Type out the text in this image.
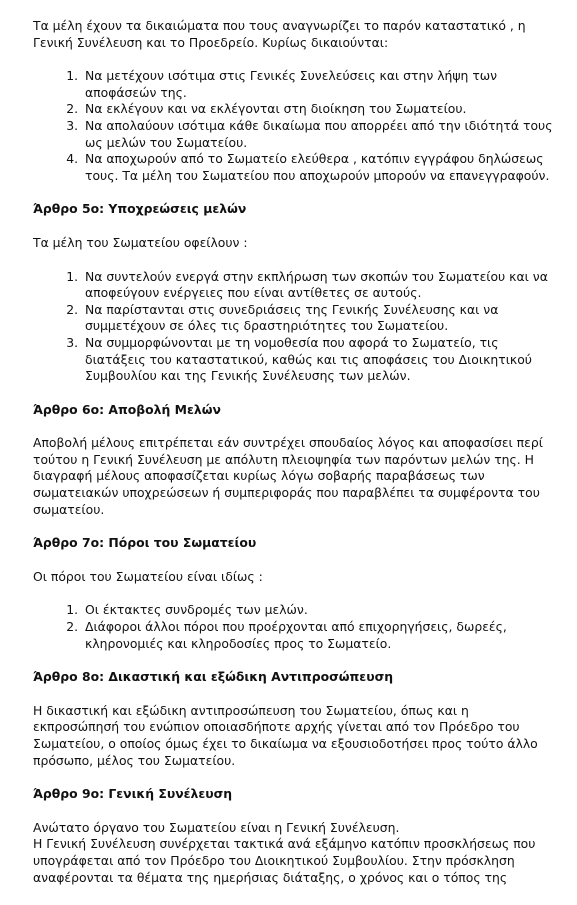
Τα μέλη έχουν τα δικαιώματα που τους αναγνωρίζει το παρόν καταστατικό , η Γενική Συνέλευση και το Προεδρείο. Κυρίως δικαιούνται:

1. Να μετέχουν ισότιμα στις Γενικές Συνελεύσεις και στην λήψη των αποφάσεών της.
2. Να εκλέγουν και να εκλέγονται στη διοίκηση του Σωματείου.
3. Να απολαύουν ισότιμα κάθε δικαίωμα που απορρέει από την ιδιότητά τους ως μελών του Σωματείου.
4. Να αποχωρούν από το Σωματείο ελεύθερα , κατόπιν εγγράφου δηλώσεως τους. Τα μέλη του Σωματείου που αποχωρούν μπορούν να επανεγγραφούν.
Άρθρο 5ο: Υποχρεώσεις μελών

Τα μέλη του Σωματείου οφείλουν :

1. Να συντελούν ενεργά στην εκπλήρωση των σκοπών του Σωματείου και να αποφεύγουν ενέργειες που είναι αντίθετες σε αυτούς.
2. Να παρίστανται στις συνεδριάσεις της Γενικής Συνέλευσης και να συμμετέχουν σε όλες τις δραστηριότητες του Σωματείου.
3. Να συμμορφώνονται με τη νομοθεσία που αφορά το Σωματείο, τις διατάξεις του καταστατικού, καθώς και τις αποφάσεις του Διοικητικού Συμβουλίου και της Γενικής Συνέλευσης των μελών.
Άρθρο 6ο: Αποβολή Μελών

Αποβολή μέλους επιτρέπεται εάν συντρέχει σπουδαίος λόγος και αποφασίσει περί τούτου η Γενική Συνέλευση με απόλυτη πλειοψηφία των παρόντων μελών της. Η διαγραφή μέλους αποφασίζεται κυρίως λόγω σοβαρής παραβάσεως των σωματειακών υποχρεώσεων ή συμπεριφοράς που παραβλέπει τα συμφέροντα του σωματείου.

Άρθρο 7ο: Πόροι του Σωματείου

Οι πόροι του Σωματείου είναι ιδίως :

1. Οι έκτακτες συνδρομές των μελών.
2. Διάφοροι άλλοι πόροι που προέρχονται από επιχορηγήσεις, δωρεές, κληρονομιές και κληροδοσίες προς το Σωματείο.
Άρθρο 8ο: Δικαστική και εξώδικη Αντιπροσώπευση

Η δικαστική και εξώδικη αντιπροσώπευση του Σωματείου, όπως και η εκπροσώπησή του ενώπιον οποιασδήποτε αρχής γίνεται από τον Πρόεδρο του Σωματείου, ο οποίος όμως έχει το δικαίωμα να εξουσιοδοτήσει προς τούτο άλλο πρόσωπο, μέλος του Σωματείου.

Άρθρο 9ο: Γενική Συνέλευση

Ανώτατο όργανο του Σωματείου είναι η Γενική Συνέλευση.

Η Γενική Συνέλευση συνέρχεται τακτικά ανά εξάμηνο κατόπιν προσκλήσεως που υπογράφεται από τον Πρόεδρο του Διοικητικού Συμβουλίου. Στην πρόσκληση αναφέρονται τα θέματα της ημερήσιας διάταξης, ο χρόνος και ο τόπος της
